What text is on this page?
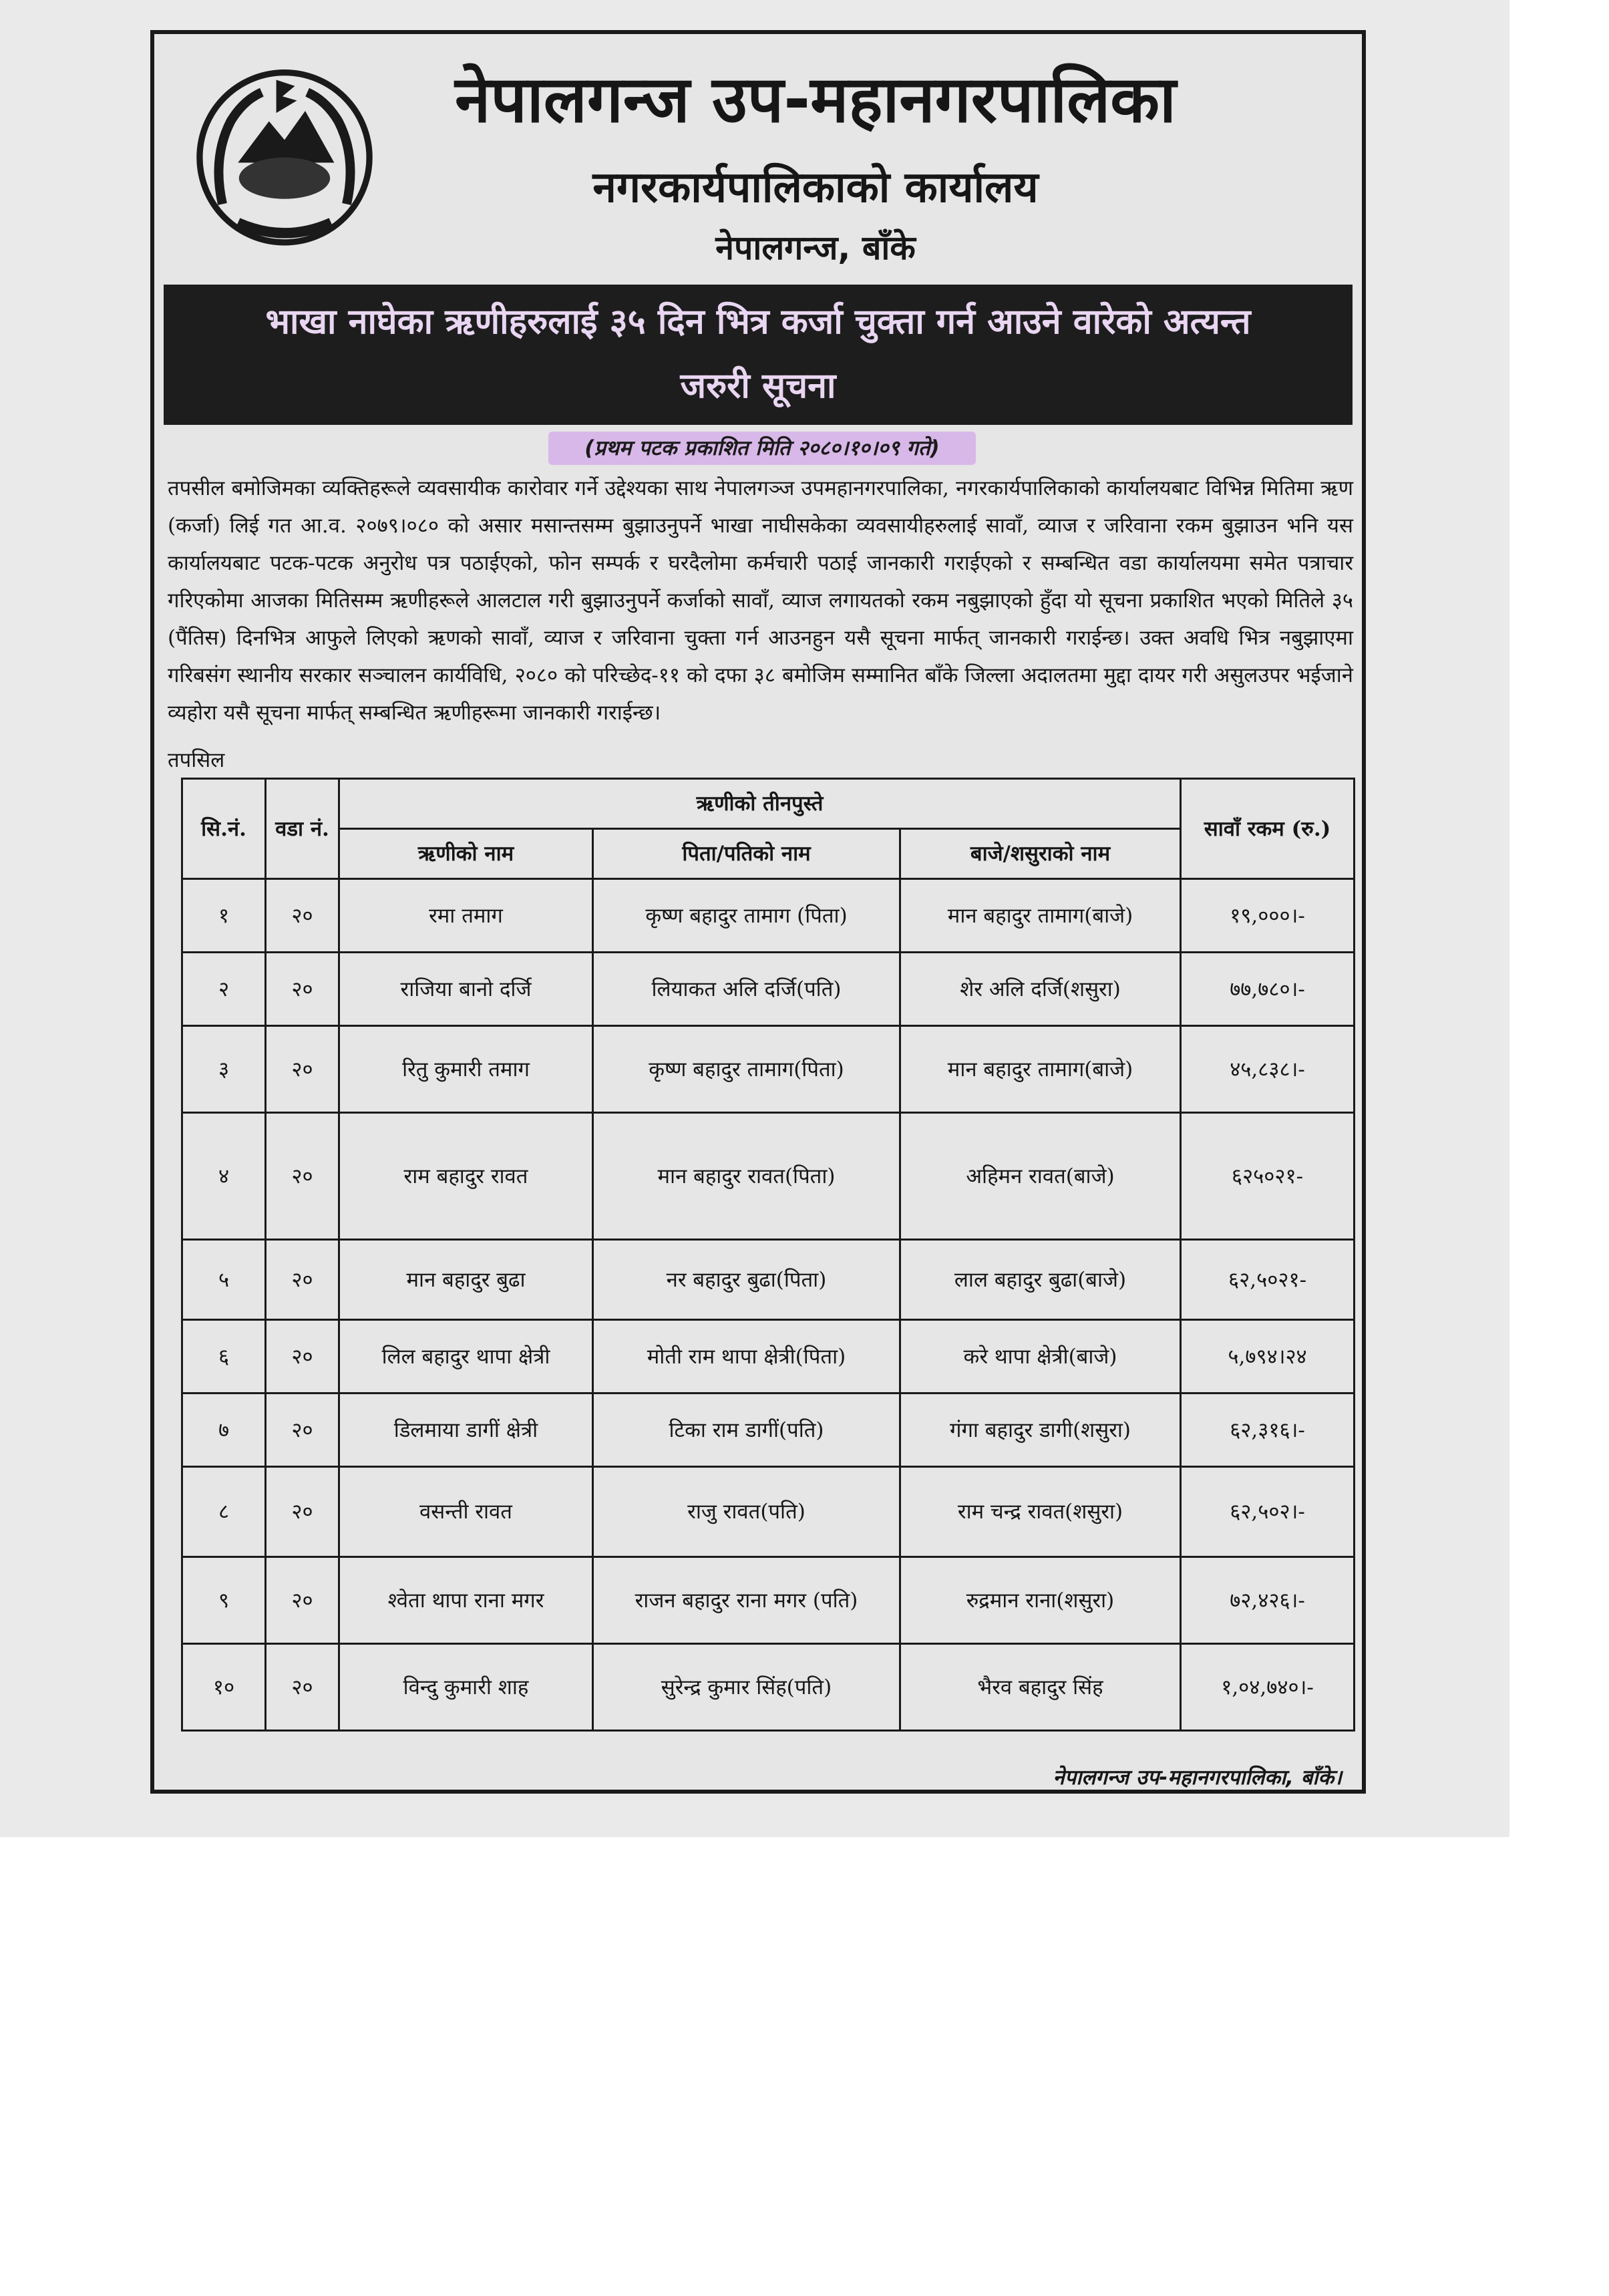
नेपालगन्ज उप-महानगरपालिका
नगरकार्यपालिकाको कार्यालय
नेपालगन्ज, बाँके
भाखा नाघेका ऋणीहरुलाई ३५ दिन भित्र कर्जा चुक्ता गर्न आउने वारेको अत्यन्त
जरुरी सूचना
(प्रथम पटक प्रकाशित मिति २०८०।१०।०९ गते)
तपसील बमोजिमका व्यक्तिहरूले व्यवसायीक कारोवार गर्ने उद्देश्यका साथ नेपालगञ्ज उपमहानगरपालिका, नगरकार्यपालिकाको कार्यालयबाट विभिन्न मितिमा ऋण (कर्जा) लिई गत आ.व. २०७९।०८० को असार मसान्तसम्म बुझाउनुपर्ने भाखा नाघीसकेका व्यवसायीहरुलाई सावाँ, व्याज र जरिवाना रकम बुझाउन भनि यस कार्यालयबाट पटक-पटक अनुरोध पत्र पठाईएको, फोन सम्पर्क र घरदैलोमा कर्मचारी पठाई जानकारी गराईएको र सम्बन्धित वडा कार्यालयमा समेत पत्राचार गरिएकोमा आजका मितिसम्म ऋणीहरूले आलटाल गरी बुझाउनुपर्ने कर्जाको सावाँ, व्याज लगायतको रकम नबुझाएको हुँदा यो सूचना प्रकाशित भएको मितिले ३५ (पैंतिस) दिनभित्र आफुले लिएको ऋणको सावाँ, व्याज र जरिवाना चुक्ता गर्न आउनहुन यसै सूचना मार्फत् जानकारी गराईन्छ। उक्त अवधि भित्र नबुझाएमा गरिबसंग स्थानीय सरकार सञ्चालन कार्यविधि, २०८० को परिच्छेद-११ को दफा ३८ बमोजिम सम्मानित बाँके जिल्ला अदालतमा मुद्दा दायर गरी असुलउपर भईजाने व्यहोरा यसै सूचना मार्फत् सम्बन्धित ऋणीहरूमा जानकारी गराईन्छ।
तपसिल
सि.नं.	वडा नं.	ऋणीको तीनपुस्ते			सावाँ रकम (रु.)
		ऋणीको नाम	पिता/पतिको नाम	बाजे/शसुराको नाम	
१	२०	रमा तमाग	कृष्ण बहादुर तामाग (पिता)	मान बहादुर तामाग(बाजे)	१९,०००।-
२	२०	राजिया बानो दर्जि	लियाकत अलि दर्जि(पति)	शेर अलि दर्जि(शसुरा)	७७,७८०।-
३	२०	रितु कुमारी तमाग	कृष्ण बहादुर तामाग(पिता)	मान बहादुर तामाग(बाजे)	४५,८३८।-
४	२०	राम बहादुर रावत	मान बहादुर रावत(पिता)	अहिमन रावत(बाजे)	६२५०२१-
५	२०	मान बहादुर बुढा	नर बहादुर बुढा(पिता)	लाल बहादुर बुढा(बाजे)	६२,५०२१-
६	२०	लिल बहादुर थापा क्षेत्री	मोती राम थापा क्षेत्री(पिता)	करे थापा क्षेत्री(बाजे)	५,७९४।२४
७	२०	डिलमाया डागीं क्षेत्री	टिका राम डागीं(पति)	गंगा बहादुर डागी(शसुरा)	६२,३१६।-
८	२०	वसन्ती रावत	राजु रावत(पति)	राम चन्द्र रावत(शसुरा)	६२,५०२।-
९	२०	श्वेता थापा राना मगर	राजन बहादुर राना मगर (पति)	रुद्रमान राना(शसुरा)	७२,४२६।-
१०	२०	विन्दु कुमारी शाह	सुरेन्द्र कुमार सिंह(पति)	भैरव बहादुर सिंह	१,०४,७४०।-
नेपालगन्ज उप-महानगरपालिका, बाँके।
